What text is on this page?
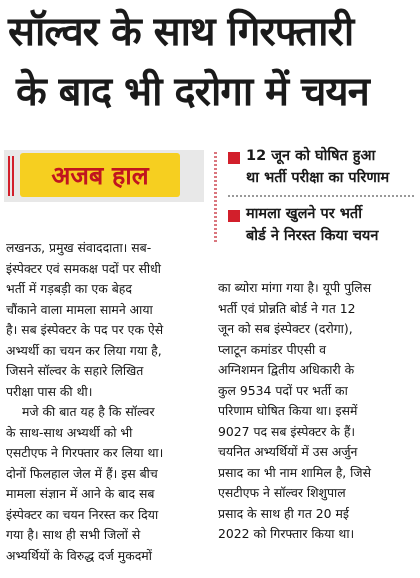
सॉल्वर के साथ गिरफ्तारी
के बाद भी दरोगा में चयन
अजब हाल
12 जून को घोषित हुआ
था भर्ती परीक्षा का परिणाम
मामला खुलने पर भर्ती
बोर्ड ने निरस्त किया चयन
लखनऊ, प्रमुख संवाददाता। सब-
इंस्पेक्टर एवं समकक्ष पदों पर सीधी
भर्ती में गड़बड़ी का एक बेहद
चौंकाने वाला मामला सामने आया
है। सब इंस्पेक्टर के पद पर एक ऐसे
अभ्यर्थी का चयन कर लिया गया है,
जिसने सॉल्वर के सहारे लिखित
परीक्षा पास की थी।
मजे की बात यह है कि सॉल्वर
के साथ-साथ अभ्यर्थी को भी
एसटीएफ ने गिरफ्तार कर लिया था।
दोनों फिलहाल जेल में हैं। इस बीच
मामला संज्ञान में आने के बाद सब
इंस्पेक्टर का चयन निरस्त कर दिया
गया है। साथ ही सभी जिलों से
अभ्यर्थियों के विरुद्ध दर्ज मुकदमों
का ब्योरा मांगा गया है। यूपी पुलिस
भर्ती एवं प्रोन्नति बोर्ड ने गत 12
जून को सब इंस्पेक्टर (दरोगा),
प्लाटून कमांडर पीएसी व
अग्निशमन द्वितीय अधिकारी के
कुल 9534 पदों पर भर्ती का
परिणाम घोषित किया था। इसमें
9027 पद सब इंस्पेक्टर के हैं।
चयनित अभ्यर्थियों में उस अर्जुन
प्रसाद का भी नाम शामिल है, जिसे
एसटीएफ ने सॉल्वर शिशुपाल
प्रसाद के साथ ही गत 20 मई
2022 को गिरफ्तार किया था।
